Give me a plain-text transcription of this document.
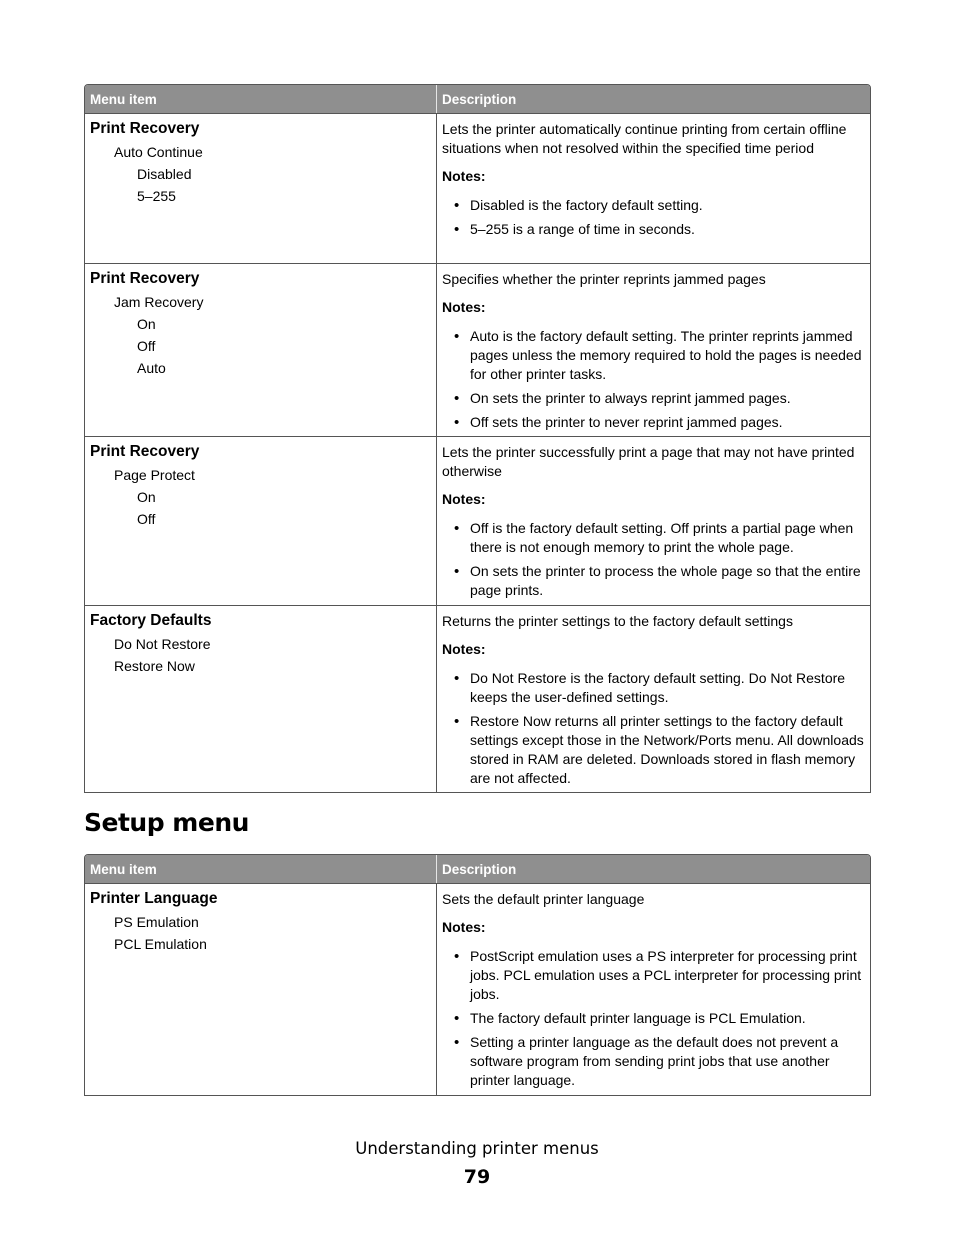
Menu item	Description
Print Recovery
Auto Continue
Disabled
5–255

Lets the printer automatically continue printing from certain offline situations when not resolved within the specified time period

Notes:

• Disabled is the factory default setting.
• 5–255 is a range of time in seconds.
Print Recovery
Jam Recovery
On
Off
Auto

Specifies whether the printer reprints jammed pages

Notes:

• Auto is the factory default setting. The printer reprints jammed pages unless the memory required to hold the pages is needed for other printer tasks.
• On sets the printer to always reprint jammed pages.
• Off sets the printer to never reprint jammed pages.
Print Recovery
Page Protect
On
Off

Lets the printer successfully print a page that may not have printed otherwise

Notes:

• Off is the factory default setting. Off prints a partial page when there is not enough memory to print the whole page.
• On sets the printer to process the whole page so that the entire page prints.
Factory Defaults
Do Not Restore
Restore Now

Returns the printer settings to the factory default settings

Notes:

• Do Not Restore is the factory default setting. Do Not Restore keeps the user-defined settings.
• Restore Now returns all printer settings to the factory default settings except those in the Network/Ports menu. All downloads stored in RAM are deleted. Downloads stored in flash memory are not affected.
Setup menu
Menu item	Description
Printer Language
PS Emulation
PCL Emulation

Sets the default printer language

Notes:

• PostScript emulation uses a PS interpreter for processing print jobs. PCL emulation uses a PCL interpreter for processing print jobs.
• The factory default printer language is PCL Emulation.
• Setting a printer language as the default does not prevent a software program from sending print jobs that use another printer language.
Understanding printer menus
79
